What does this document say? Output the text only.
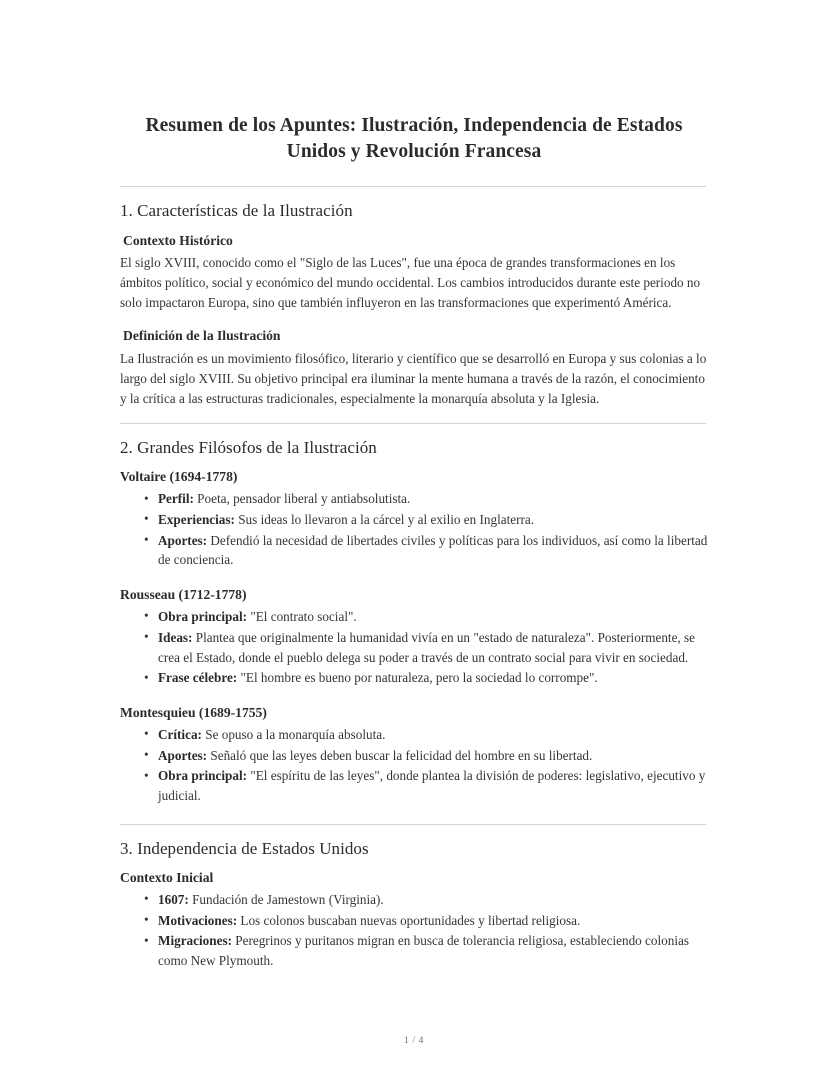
Resumen de los Apuntes: Ilustración, Independencia de Estados Unidos y Revolución Francesa
1. Características de la Ilustración
Contexto Histórico

El siglo XVIII, conocido como el "Siglo de las Luces", fue una época de grandes transformaciones en los ámbitos político, social y económico del mundo occidental. Los cambios introducidos durante este periodo no solo impactaron Europa, sino que también influyeron en las transformaciones que experimentó América.

Definición de la Ilustración

La Ilustración es un movimiento filosófico, literario y científico que se desarrolló en Europa y sus colonias a lo largo del siglo XVIII. Su objetivo principal era iluminar la mente humana a través de la razón, el conocimiento y la crítica a las estructuras tradicionales, especialmente la monarquía absoluta y la Iglesia.

2. Grandes Filósofos de la Ilustración
Voltaire (1694-1778)
• Perfil: Poeta, pensador liberal y antiabsolutista.
• Experiencias: Sus ideas lo llevaron a la cárcel y al exilio en Inglaterra.
• Aportes: Defendió la necesidad de libertades civiles y políticas para los individuos, así como la libertad de conciencia.
Rousseau (1712-1778)
• Obra principal: "El contrato social".
• Ideas: Plantea que originalmente la humanidad vivía en un "estado de naturaleza". Posteriormente, se crea el Estado, donde el pueblo delega su poder a través de un contrato social para vivir en sociedad.
• Frase célebre: "El hombre es bueno por naturaleza, pero la sociedad lo corrompe".
Montesquieu (1689-1755)
• Crítica: Se opuso a la monarquía absoluta.
• Aportes: Señaló que las leyes deben buscar la felicidad del hombre en su libertad.
• Obra principal: "El espíritu de las leyes", donde plantea la división de poderes: legislativo, ejecutivo y judicial.
3. Independencia de Estados Unidos
Contexto Inicial
• 1607: Fundación de Jamestown (Virginia).
• Motivaciones: Los colonos buscaban nuevas oportunidades y libertad religiosa.
• Migraciones: Peregrinos y puritanos migran en busca de tolerancia religiosa, estableciendo colonias como New Plymouth.
1 / 4
